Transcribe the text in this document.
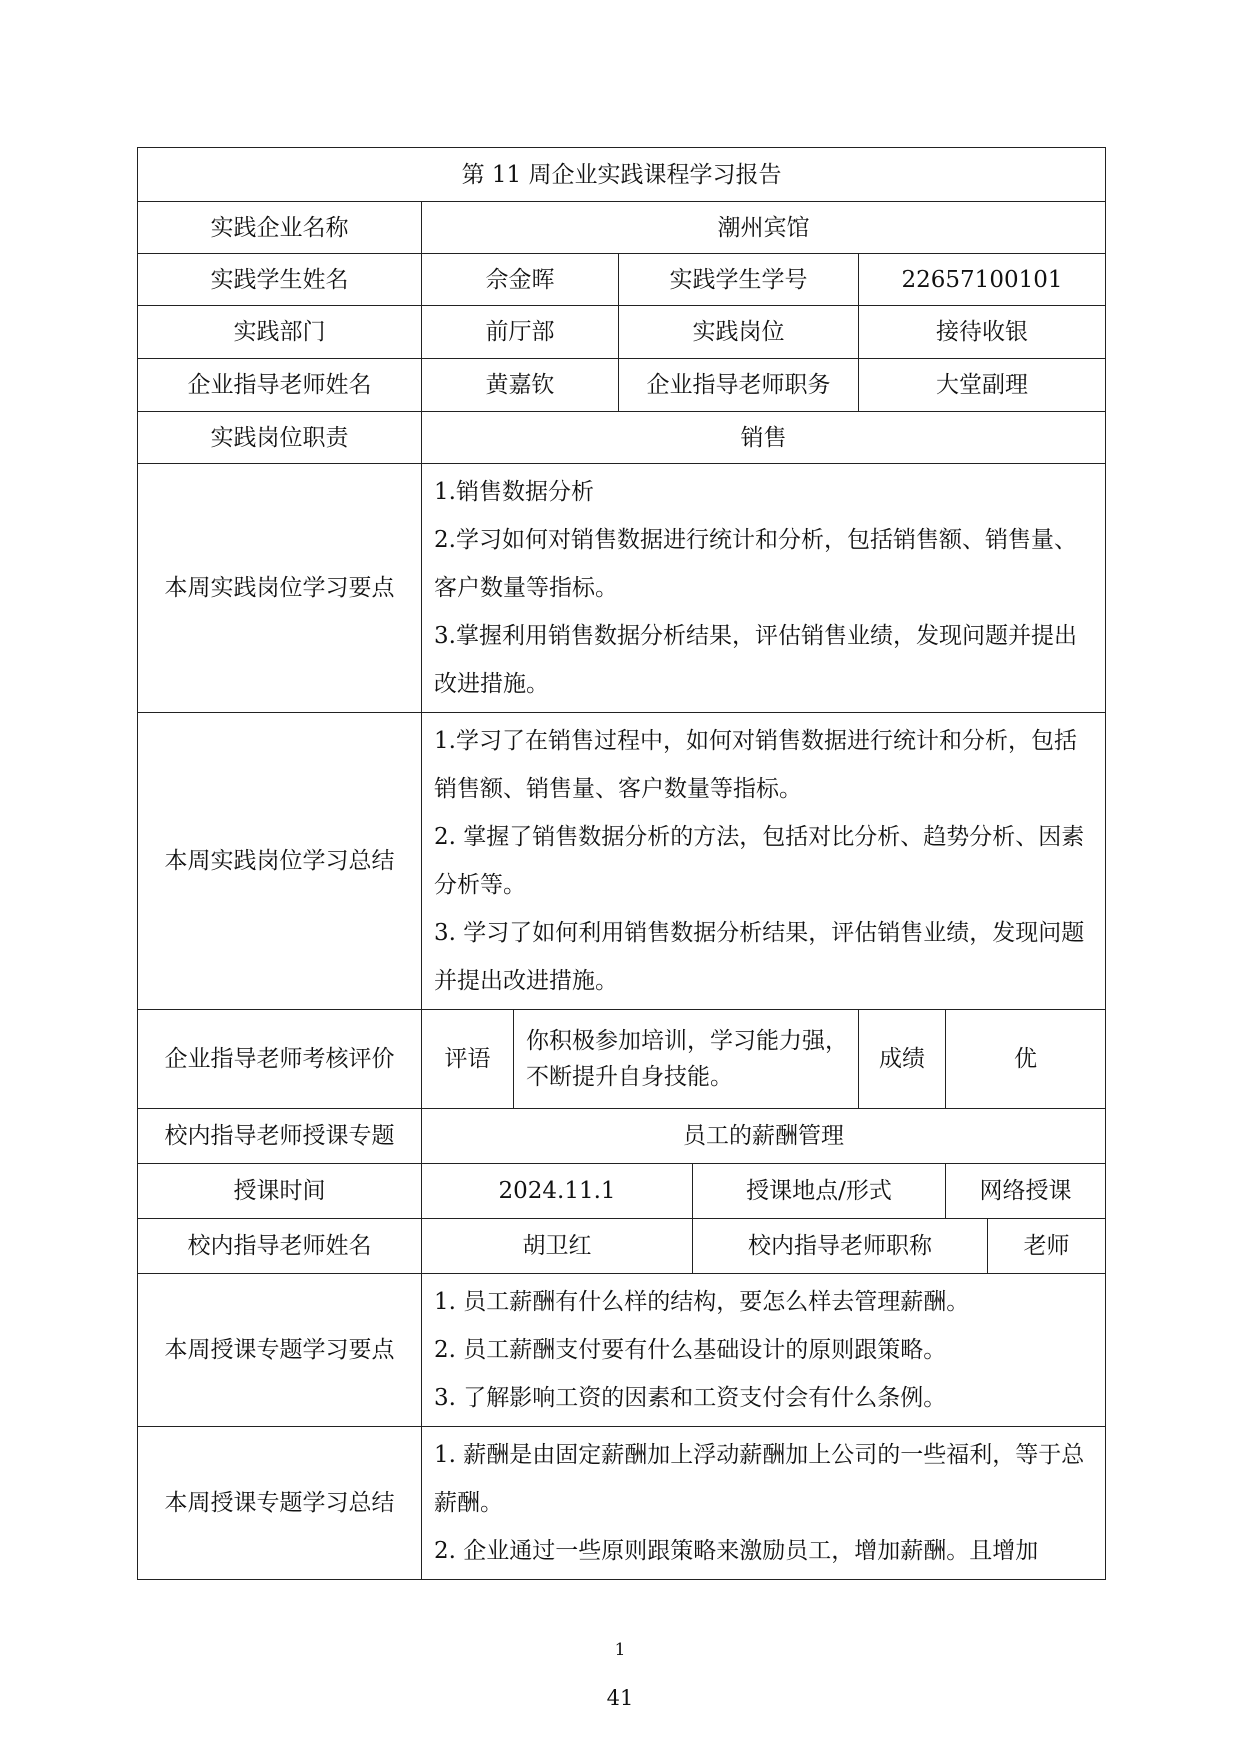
第 11 周企业实践课程学习报告							
实践企业名称	潮州宾馆						
实践学生姓名	佘金晖		实践学生学号		22657100101		
实践部门	前厅部		实践岗位		接待收银		
企业指导老师姓名	黄嘉钦		企业指导老师职务		大堂副理		
实践岗位职责	销售						
本周实践岗位学习要点	1.销售数据分析
2.学习如何对销售数据进行统计和分析，包括销售额、销售量、客户数量等指标。
3.掌握利用销售数据分析结果，评估销售业绩，发现问题并提出改进措施。						

本周实践岗位学习总结	1.学习了在销售过程中，如何对销售数据进行统计和分析，包括销售额、销售量、客户数量等指标。
2. 掌握了销售数据分析的方法，包括对比分析、趋势分析、因素分析等。
3. 学习了如何利用销售数据分析结果，评估销售业绩，发现问题并提出改进措施。						

企业指导老师考核评价	评语	你积极参加培训，学习能力强，不断提升自身技能。			成绩	优	
校内指导老师授课专题	员工的薪酬管理						
授课时间	2024.11.1			授课地点/形式		网络授课	
校内指导老师姓名	胡卫红			校内指导老师职称			老师
本周授课专题学习要点	1. 员工薪酬有什么样的结构，要怎么样去管理薪酬。
2. 员工薪酬支付要有什么基础设计的原则跟策略。
3. 了解影响工资的因素和工资支付会有什么条例。						

本周授课专题学习总结	1. 薪酬是由固定薪酬加上浮动薪酬加上公司的一些福利，等于总薪酬。
2. 企业通过一些原则跟策略来激励员工，增加薪酬。且增加						
1
41
